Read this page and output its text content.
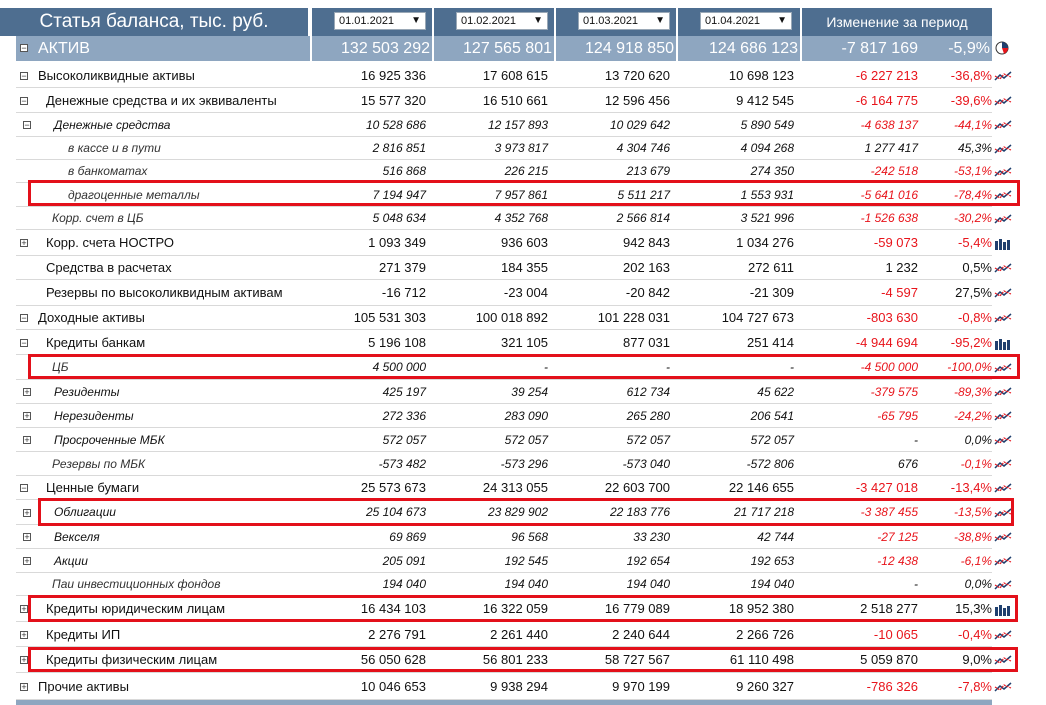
Статья баланса, тыс. руб.	01.01.2021 ▼	01.02.2021 ▼	01.03.2021 ▼	01.04.2021 ▼	Изменение за период
− АКТИВ	132 503 292	127 565 801	124 918 850	124 686 123	-7 817 169	-5,9%
− Высоколиквидные активы	16 925 336	17 608 615	13 720 620	10 698 123	-6 227 213	-36,8%
− Денежные средства и их эквиваленты	15 577 320	16 510 661	12 596 456	9 412 545	-6 164 775	-39,6%
− Денежные средства	10 528 686	12 157 893	10 029 642	5 890 549	-4 638 137	-44,1%
в кассе и в пути	2 816 851	3 973 817	4 304 746	4 094 268	1 277 417	45,3%
в банкоматах	516 868	226 215	213 679	274 350	-242 518	-53,1%
драгоценные металлы	7 194 947	7 957 861	5 511 217	1 553 931	-5 641 016	-78,4%
Корр. счет в ЦБ	5 048 634	4 352 768	2 566 814	3 521 996	-1 526 638	-30,2%
+ Корр. счета НОСТРО	1 093 349	936 603	942 843	1 034 276	-59 073	-5,4%
Средства в расчетах	271 379	184 355	202 163	272 611	1 232	0,5%
Резервы по высоколиквидным активам	-16 712	-23 004	-20 842	-21 309	-4 597	27,5%
− Доходные активы	105 531 303	100 018 892	101 228 031	104 727 673	-803 630	-0,8%
− Кредиты банкам	5 196 108	321 105	877 031	251 414	-4 944 694	-95,2%
ЦБ	4 500 000	-	-	-	-4 500 000	-100,0%
+ Резиденты	425 197	39 254	612 734	45 622	-379 575	-89,3%
+ Нерезиденты	272 336	283 090	265 280	206 541	-65 795	-24,2%
+ Просроченные МБК	572 057	572 057	572 057	572 057	-	0,0%
Резервы по МБК	-573 482	-573 296	-573 040	-572 806	676	-0,1%
− Ценные бумаги	25 573 673	24 313 055	22 603 700	22 146 655	-3 427 018	-13,4%
+ Облигации	25 104 673	23 829 902	22 183 776	21 717 218	-3 387 455	-13,5%
+ Векселя	69 869	96 568	33 230	42 744	-27 125	-38,8%
+ Акции	205 091	192 545	192 654	192 653	-12 438	-6,1%
Паи инвестиционных фондов	194 040	194 040	194 040	194 040	-	0,0%
+ Кредиты юридическим лицам	16 434 103	16 322 059	16 779 089	18 952 380	2 518 277	15,3%
+ Кредиты ИП	2 276 791	2 261 440	2 240 644	2 266 726	-10 065	-0,4%
+ Кредиты физическим лицам	56 050 628	56 801 233	58 727 567	61 110 498	5 059 870	9,0%
+ Прочие активы	10 046 653	9 938 294	9 970 199	9 260 327	-786 326	-7,8%
